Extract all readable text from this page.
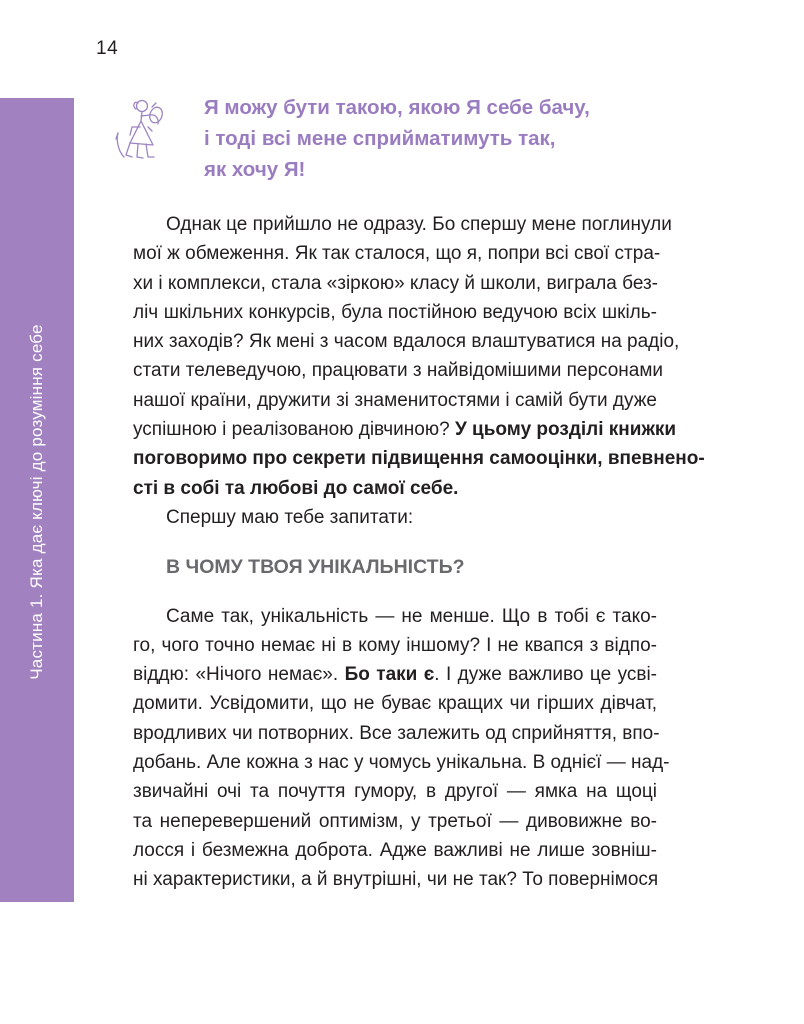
14
Частина 1. Яка дає ключі до розуміння себе
Я можу бути такою, якою Я себе бачу,
і тоді всі мене сприйматимуть так,
як хочу Я!
Однак це прийшло не одразу. Бо спершу мене поглинули
мої ж обмеження. Як так сталося, що я, попри всі свої стра-
хи і комплекси, стала «зіркою» класу й школи, виграла без-
ліч шкільних конкурсів, була постійною ведучою всіх шкіль-
них заходів? Як мені з часом вдалося влаштуватися на радіо,
стати телеведучою, працювати з найвідомішими персонами
нашої країни, дружити зі знаменитостями і самій бути дуже
успішною і реалізованою дівчиною? У цьому розділі книжки
поговоримо про секрети підвищення самооцінки, впевнено-
сті в собі та любові до самої себе.
Спершу маю тебе запитати:
В ЧОМУ ТВОЯ УНІКАЛЬНІСТЬ?
Саме так, унікальність — не менше. Що в тобі є тако-
го, чого точно немає ні в кому іншому? І не квапся з відпо-
віддю: «Нічого немає». Бо таки є. І дуже важливо це усві-
домити. Усвідомити, що не буває кращих чи гірших дівчат,
вродливих чи потворних. Все залежить од сприйняття, впо-
добань. Але кожна з нас у чомусь унікальна. В однієї — над-
звичайні очі та почуття гумору, в другої — ямка на щоці
та неперевершений оптимізм, у третьої — дивовижне во-
лосся і безмежна доброта. Адже важливі не лише зовніш-
ні характеристики, а й внутрішні, чи не так? То повернімося
